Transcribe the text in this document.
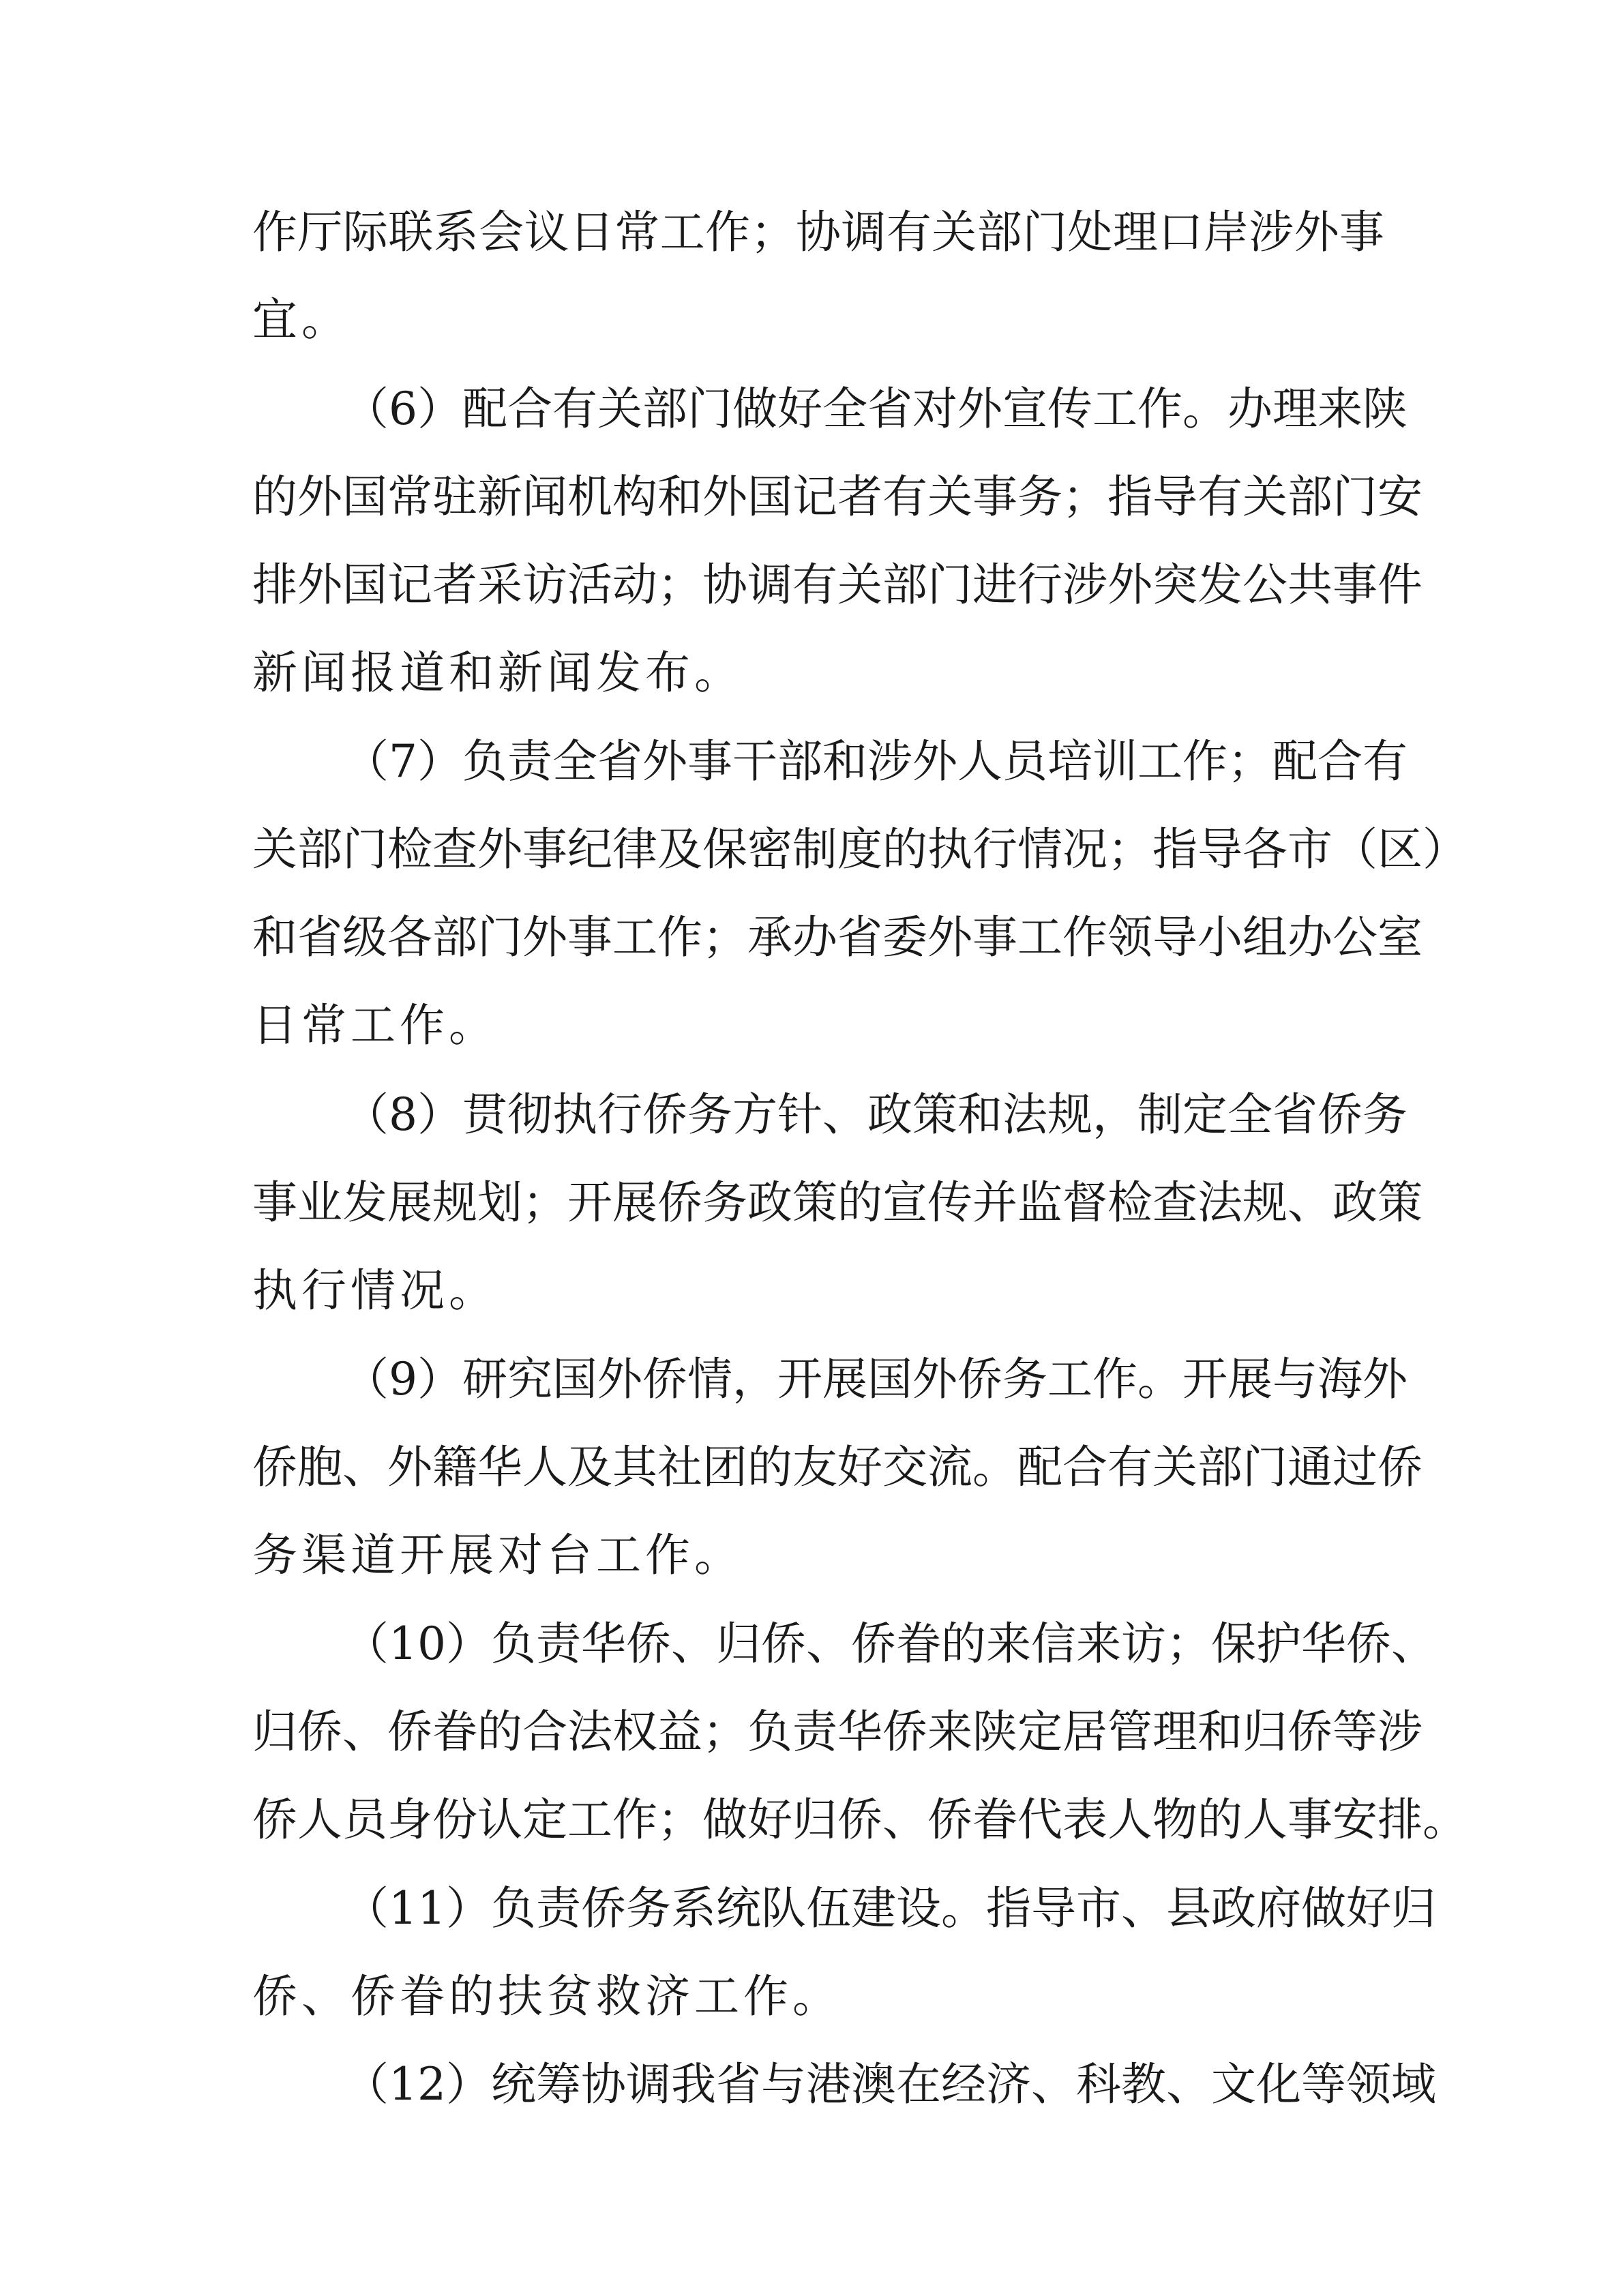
作厅际联系会议日常工作；协调有关部门处理口岸涉外事
宜。
（6）配合有关部门做好全省对外宣传工作。办理来陕
的外国常驻新闻机构和外国记者有关事务；指导有关部门安
排外国记者采访活动；协调有关部门进行涉外突发公共事件
新闻报道和新闻发布。
（7）负责全省外事干部和涉外人员培训工作；配合有
关部门检查外事纪律及保密制度的执行情况；指导各市（区）
和省级各部门外事工作；承办省委外事工作领导小组办公室
日常工作。
（8）贯彻执行侨务方针、政策和法规，制定全省侨务
事业发展规划；开展侨务政策的宣传并监督检查法规、政策
执行情况。
（9）研究国外侨情，开展国外侨务工作。开展与海外
侨胞、外籍华人及其社团的友好交流。配合有关部门通过侨
务渠道开展对台工作。
（10）负责华侨、归侨、侨眷的来信来访；保护华侨、
归侨、侨眷的合法权益；负责华侨来陕定居管理和归侨等涉
侨人员身份认定工作；做好归侨、侨眷代表人物的人事安排。
（11）负责侨务系统队伍建设。指导市、县政府做好归
侨、侨眷的扶贫救济工作。
（12）统筹协调我省与港澳在经济、科教、文化等领域
